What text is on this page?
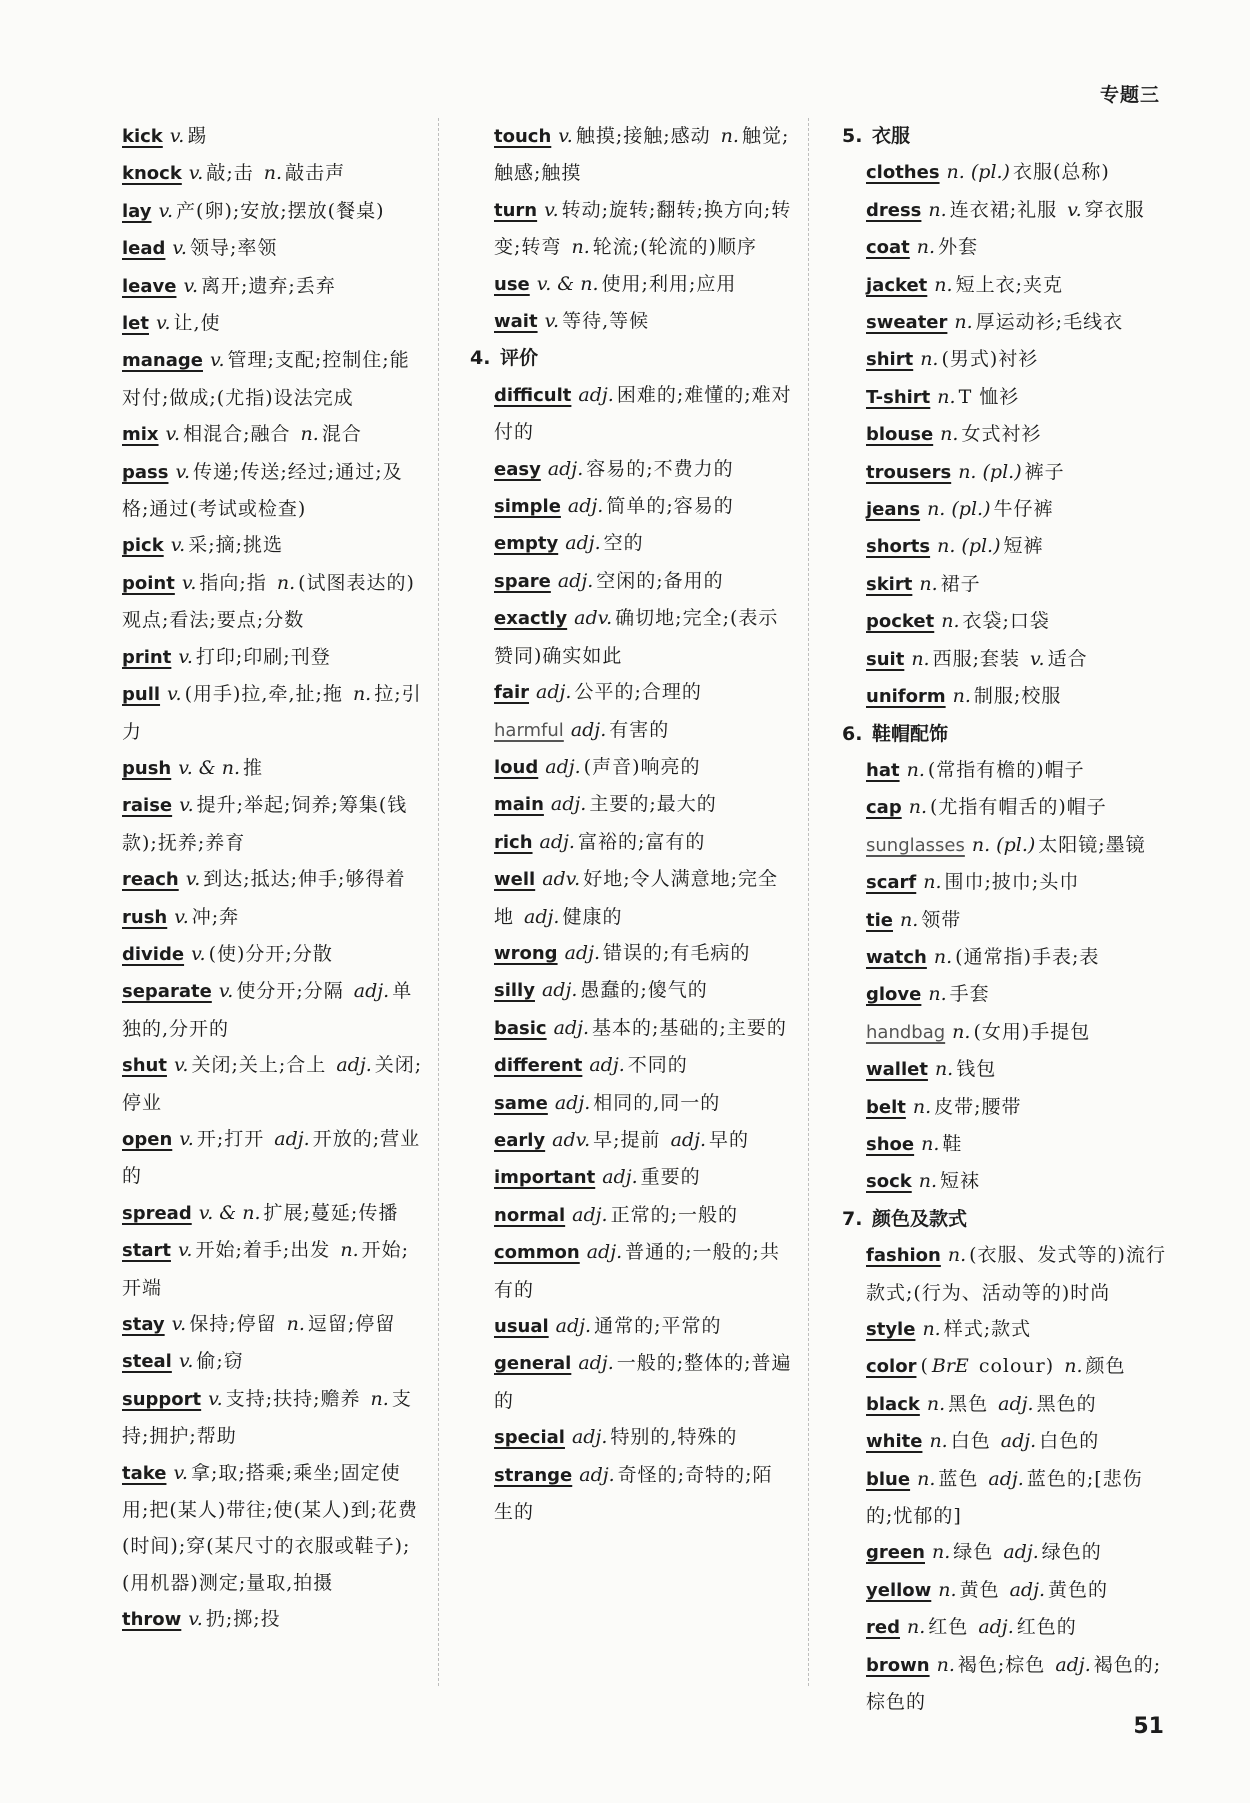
专题三
kick v. 踢
knock v. 敲;击 n. 敲击声
lay v. 产(卵);安放;摆放(餐桌)
lead v. 领导;率领
leave v. 离开;遗弃;丢弃
let v. 让,使
manage v. 管理;支配;控制住;能对付;做成;(尤指)设法完成
mix v. 相混合;融合 n. 混合
pass v. 传递;传送;经过;通过;及格;通过(考试或检查)
pick v. 采;摘;挑选
point v. 指向;指 n. (试图表达的)观点;看法;要点;分数
print v. 打印;印刷;刊登
pull v. (用手)拉,牵,扯;拖 n. 拉;引力
push v. & n. 推
raise v. 提升;举起;饲养;筹集(钱款);抚养;养育
reach v. 到达;抵达;伸手;够得着
rush v. 冲;奔
divide v. (使)分开;分散
separate v. 使分开;分隔 adj. 单独的,分开的
shut v. 关闭;关上;合上 adj. 关闭;停业
open v. 开;打开 adj. 开放的;营业的
spread v. & n. 扩展;蔓延;传播
start v. 开始;着手;出发 n. 开始;开端
stay v. 保持;停留 n. 逗留;停留
steal v. 偷;窃
support v. 支持;扶持;赡养 n. 支持;拥护;帮助
take v. 拿;取;搭乘;乘坐;固定使用;把(某人)带往;使(某人)到;花费(时间);穿(某尺寸的衣服或鞋子);(用机器)测定;量取,拍摄
throw v. 扔;掷;投
touch v. 触摸;接触;感动 n. 触觉;触感;触摸
turn v. 转动;旋转;翻转;换方向;转变;转弯 n. 轮流;(轮流的)顺序
use v. & n. 使用;利用;应用
wait v. 等待,等候
4. 评价
difficult adj. 困难的;难懂的;难对付的
easy adj. 容易的;不费力的
simple adj. 简单的;容易的
empty adj. 空的
spare adj. 空闲的;备用的
exactly adv. 确切地;完全;(表示赞同)确实如此
fair adj. 公平的;合理的
harmful adj. 有害的
loud adj. (声音)响亮的
main adj. 主要的;最大的
rich adj. 富裕的;富有的
well adv. 好地;令人满意地;完全地 adj. 健康的
wrong adj. 错误的;有毛病的
silly adj. 愚蠢的;傻气的
basic adj. 基本的;基础的;主要的
different adj. 不同的
same adj. 相同的,同一的
early adv. 早;提前 adj. 早的
important adj. 重要的
normal adj. 正常的;一般的
common adj. 普通的;一般的;共有的
usual adj. 通常的;平常的
general adj. 一般的;整体的;普遍的
special adj. 特别的,特殊的
strange adj. 奇怪的;奇特的;陌生的
5. 衣服
clothes n. (pl.) 衣服(总称)
dress n. 连衣裙;礼服 v. 穿衣服
coat n. 外套
jacket n. 短上衣;夹克
sweater n. 厚运动衫;毛线衣
shirt n. (男式)衬衫
T-shirt n. T 恤衫
blouse n. 女式衬衫
trousers n. (pl.) 裤子
jeans n. (pl.) 牛仔裤
shorts n. (pl.) 短裤
skirt n. 裙子
pocket n. 衣袋;口袋
suit n. 西服;套装 v. 适合
uniform n. 制服;校服
6. 鞋帽配饰
hat n. (常指有檐的)帽子
cap n. (尤指有帽舌的)帽子
sunglasses n. (pl.) 太阳镜;墨镜
scarf n. 围巾;披巾;头巾
tie n. 领带
watch n. (通常指)手表;表
glove n. 手套
handbag n. (女用)手提包
wallet n. 钱包
belt n. 皮带;腰带
shoe n. 鞋
sock n. 短袜
7. 颜色及款式
fashion n. (衣服、发式等的)流行款式;(行为、活动等的)时尚
style n. 样式;款式
color ( BrE colour) n. 颜色
black n. 黑色 adj. 黑色的
white n. 白色 adj. 白色的
blue n. 蓝色 adj. 蓝色的;[悲伤的;忧郁的]
green n. 绿色 adj. 绿色的
yellow n. 黄色 adj. 黄色的
red n. 红色 adj. 红色的
brown n. 褐色;棕色 adj. 褐色的;棕色的
51
